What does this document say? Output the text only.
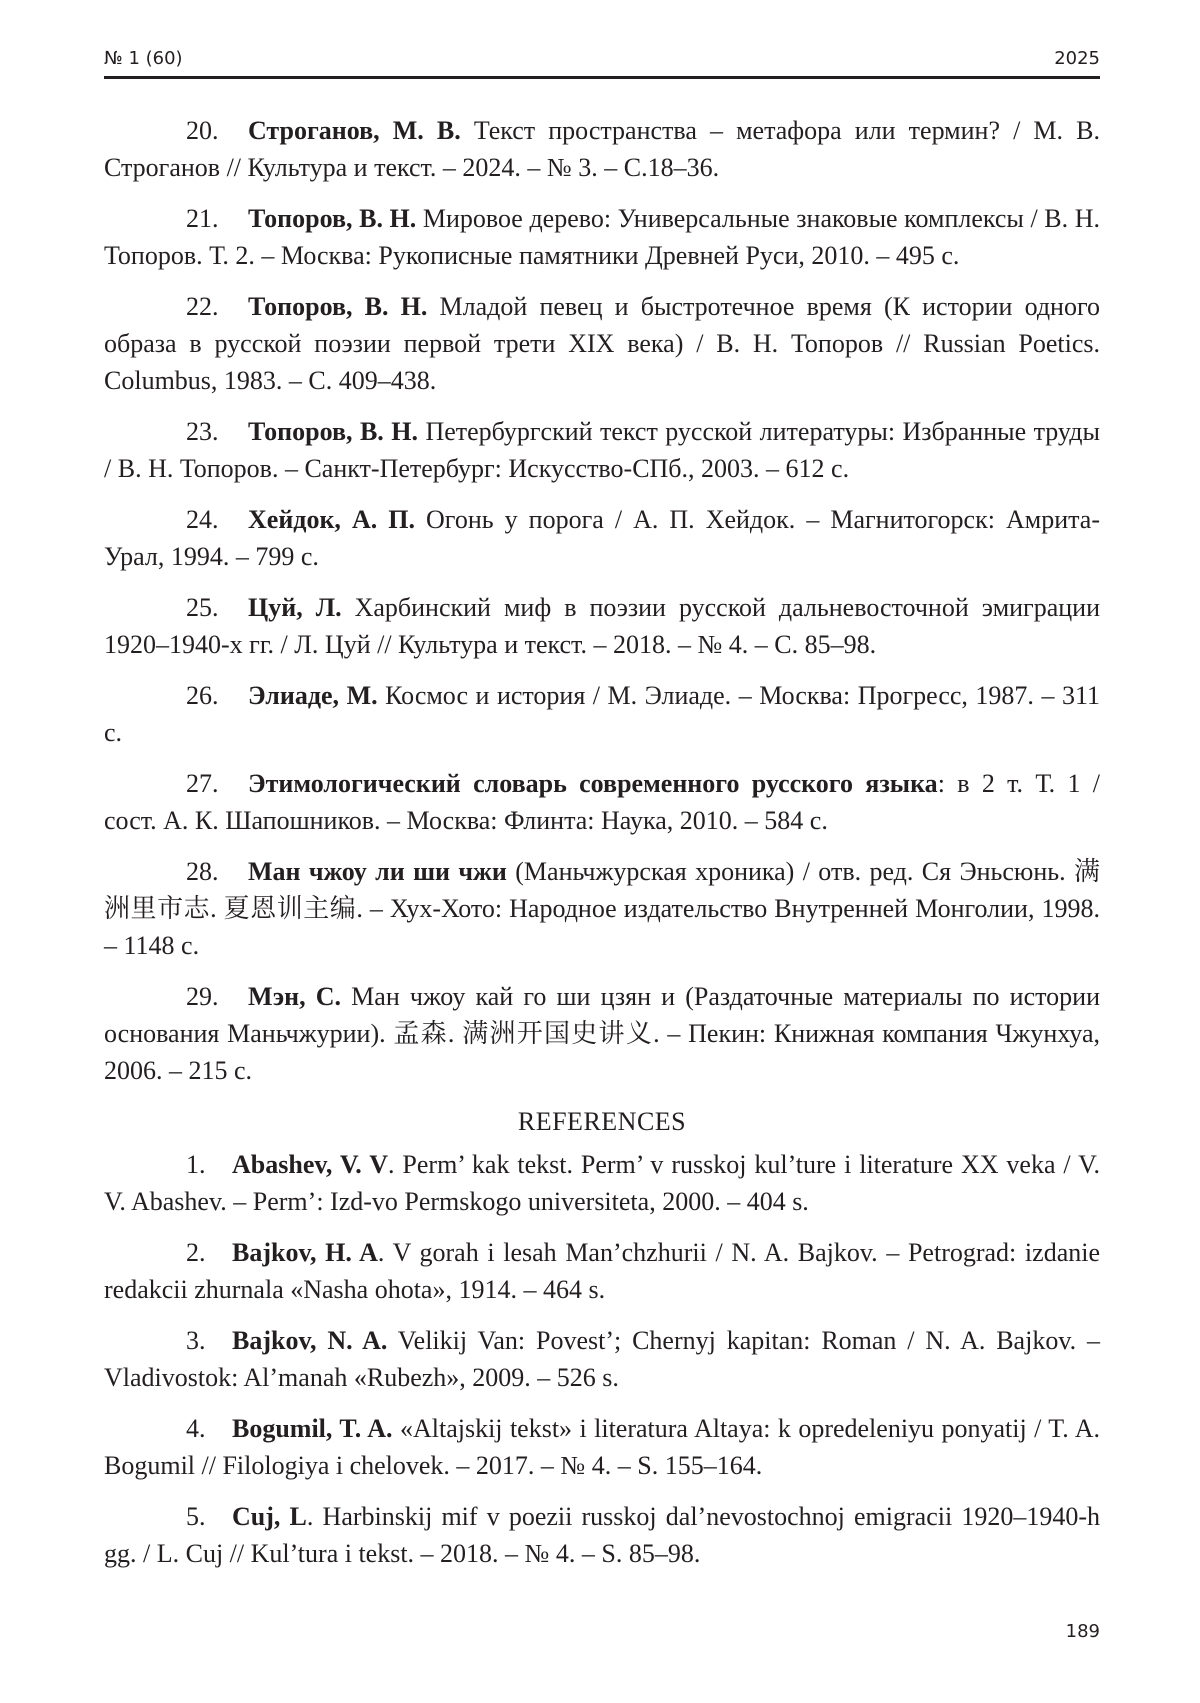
№ 1 (60)	2025

20. Строганов, М. В. Текст пространства – метафора или термин? / М. В. Строганов // Культура и текст. – 2024. – № 3. – С.18–36.

21. Топоров, В. Н. Мировое дерево: Универсальные знаковые комплексы / В. Н. Топоров. Т. 2. – Москва: Рукописные памятники Древней Руси, 2010. – 495 с.

22. Топоров, В. Н. Младой певец и быстротечное время (К истории одного образа в русской поэзии первой трети XIX века) / В. Н. Топоров // Russian Poetics. Columbus, 1983. – С. 409–438.

23. Топоров, В. Н. Петербургский текст русской литературы: Избранные труды / В. Н. Топоров. – Санкт-Петербург: Искусство-СПб., 2003. – 612 с.

24. Хейдок, А. П. Огонь у порога / А. П. Хейдок. – Магнитогорск: Амрита-Урал, 1994. – 799 с.

25. Цуй, Л. Харбинский миф в поэзии русской дальневосточной эмиграции 1920–1940-х гг. / Л. Цуй // Культура и текст. – 2018. – № 4. – С. 85–98.

26. Элиаде, М. Космос и история / М. Элиаде. – Москва: Прогресс, 1987. – 311 с.

27. Этимологический словарь современного русского языка: в 2 т. Т. 1 / сост. А. К. Шапошников. – Москва: Флинта: Наука, 2010. – 584 с.

28. Ман чжоу ли ши чжи (Маньчжурская хроника) / отв. ред. Ся Эньсюнь. 满洲里市志. 夏恩训主编. – Хух-Хото: Народное издательство Внутренней Монголии, 1998. – 1148 с.

29. Мэн, С. Ман чжоу кай го ши цзян и (Раздаточные материалы по истории основания Маньчжурии). 孟森. 满洲开国史讲义. – Пекин: Книжная компания Чжунхуа, 2006. – 215 с.

REFERENCES

1. Abashev, V. V. Perm’ kak tekst. Perm’ v russkoj kul’ture i literature XX veka / V. V. Abashev. – Perm’: Izd-vo Permskogo universiteta, 2000. – 404 s.

2. Bajkov, H. A. V gorah i lesah Man’chzhurii / N. A. Bajkov. – Petrograd: izdanie redakcii zhurnala «Nasha ohota», 1914. – 464 s.

3. Bajkov, N. A. Velikij Van: Povest’; Chernyj kapitan: Roman / N. A. Bajkov. – Vladivostok: Al’manah «Rubezh», 2009. – 526 s.

4. Bogumil, T. A. «Altajskij tekst» i literatura Altaya: k opredeleniyu ponyatij / T. A. Bogumil // Filologiya i chelovek. – 2017. – № 4. – S. 155–164.

5. Cuj, L. Harbinskij mif v poezii russkoj dal’nevostochnoj emigracii 1920–1940-h gg. / L. Cuj // Kul’tura i tekst. – 2018. – № 4. – S. 85–98.

189
